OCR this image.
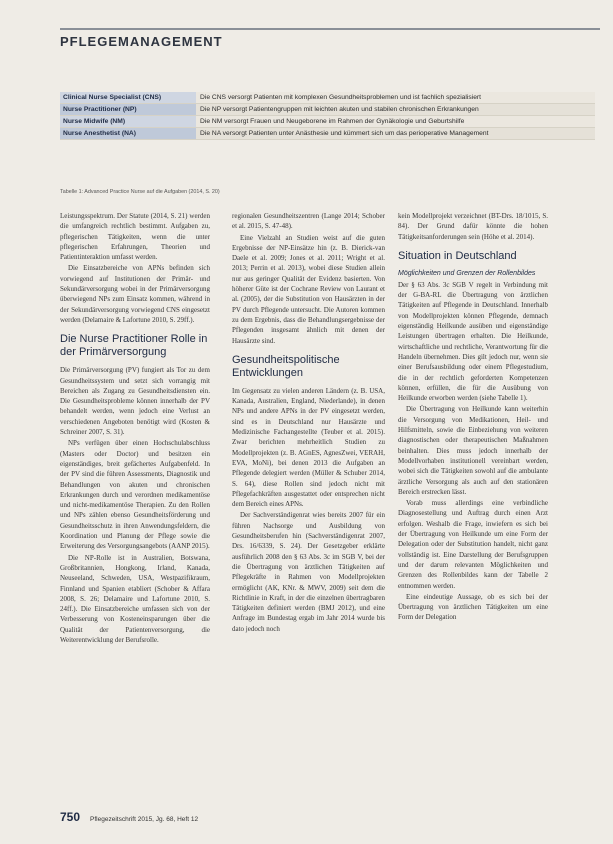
PFLEGEMANAGEMENT
Clinical Nurse Specialist (CNS)	Die CNS versorgt Patienten mit komplexen Gesundheitsproblemen und ist fachlich spezialisiert
Nurse Practitioner (NP)	Die NP versorgt Patientengruppen mit leichten akuten und stabilen chronischen Erkrankungen
Nurse Midwife (NM)	Die NM versorgt Frauen und Neugeborene im Rahmen der Gynäkologie und Geburtshilfe
Nurse Anesthetist (NA)	Die NA versorgt Patienten unter Anästhesie und kümmert sich um das perioperative Management
Tabelle 1: Advanced Practice Nurse auf die Aufgaben (2014, S. 20)

Leistungsspektrum. Der Statute (2014, S. 21) werden die umfangreich rechtlich bestimmt. Aufgaben zu, pflegerischen Tätigkeiten, wenn die unter pflegerischen Erfahrungen, Theorien und Patientinteraktion umfasst werden.

Die Einsatzbereiche von APNs befinden sich vorwiegend auf Institutionen der Primär- und Sekundärversorgung wobei in der Primärversorgung überwiegend NPs zum Einsatz kommen, während in der Sekundärversorgung vorwiegend CNS eingesetzt werden (Delamaire & Lafortune 2010, S. 29ff.).

Die Nurse Practitioner Rolle in der Primärversorgung

Die Primärversorgung (PV) fungiert als Tor zu dem Gesundheitssystem und setzt sich vorrangig mit Bereichen als Zugang zu Gesundheitsdiensten ein. Die Gesundheitsprobleme können innerhalb der PV behandelt werden, wenn jedoch eine Verlust an verschiedenen Angeboten benötigt wird (Kosten & Schreiner 2007, S. 31).

NPs verfügen über einen Hochschulabschluss (Masters oder Doctor) und besitzen ein eigenständiges, breit gefächertes Aufgabenfeld. In der PV sind die führen Assessments, Diagnostik und Behandlungen von akuten und chronischen Erkrankungen durch und verordnen medikamentöse und nicht-medikamentöse Therapien. Zu den Rollen und NPs zählen ebenso Gesundheitsförderung und Gesundheitsschutz in ihren Anwendungsfeldern, die Koordination und Planung der Pflege sowie die Erweiterung des Versorgungsangebots (AANP 2015).

Die NP-Rolle ist in Australien, Botswana, Großbritannien, Hongkong, Irland, Kanada, Neuseeland, Schweden, USA, Westpazifikraum, Finnland und Spanien etabliert (Schober & Affara 2008, S. 26; Delamaire und Lafortune 2010, S. 24ff.). Die Einsatzbereiche umfassen sich von der Verbesserung von Kosteneinsparungen über die Qualität der Patientenversorgung, die Weiterentwicklung der Berufsrolle.

regionalen Gesundheitszentren (Lange 2014; Schober et al. 2015, S. 47-48).

Eine Vielzahl an Studien weist auf die guten Ergebnisse der NP-Einsätze hin (z. B. Dierick-van Daele et al. 2009; Jones et al. 2011; Wright et al. 2013; Perrin et al. 2013), wobei diese Studien allein nur aus geringer Qualität der Evidenz basierten. Von höherer Güte ist der Cochrane Review von Laurant et al. (2005), der die Substitution von Hausärzten in der PV durch Pflegende untersucht. Die Autoren kommen zu dem Ergebnis, dass die Behandlungsergebnisse der Pflegenden insgesamt ähnlich mit denen der Hausärzte sind.

Gesundheitspolitische Entwicklungen

Im Gegensatz zu vielen anderen Ländern (z. B. USA, Kanada, Australien, England, Niederlande), in denen NPs und andere APNs in der PV eingesetzt werden, sind es in Deutschland nur Hausärzte und Medizinische Fachangestellte (Teuber et al. 2015). Zwar berichten mehrheitlich Studien zu Modellprojekten (z. B. AGnES, AgnesZwei, VERAH, EVA, MoNi), bei denen 2013 die Aufgaben an Pflegende delegiert werden (Müller & Schuber 2014, S. 64), diese Rollen sind jedoch nicht mit Pflegefachkräften ausgestattet oder entsprechen nicht dem Bereich eines APNs.

Der Sachverständigenrat wies bereits 2007 für ein führen Nachsorge und Ausbildung von Gesundheitsberufen hin (Sachverständigenrat 2007, Drs. 16/6339, S. 24). Der Gesetzgeber erklärte ausführlich 2008 den § 63 Abs. 3c im SGB V, bei der die Übertragung von ärztlichen Tätigkeiten auf Pflegekräfte in Rahmen von Modellprojekten ermöglicht (AK, KNr. & MWV, 2009) seit dem die Richtlinie in Kraft, in der die einzelnen übertragbaren Tätigkeiten definiert werden (BMJ 2012), und eine Anfrage im Bundestag ergab im Jahr 2014 wurde bis dato jedoch noch

kein Modellprojekt verzeichnet (BT-Drs. 18/1015, S. 84). Der Grund dafür könnte die hohen Tätigkeitsanforderungen sein (Höhe et al. 2014).

Situation in Deutschland
Möglichkeiten und Grenzen der Rollenbildes

Der § 63 Abs. 3c SGB V regelt in Verbindung mit der G-BA-RL die Übertragung von ärztlichen Tätigkeiten auf Pflegende in Deutschland. Innerhalb von Modellprojekten können Pflegende, demnach eigenständig Heilkunde ausüben und eigenständige Leistungen übertragen erhalten. Die Heilkunde, wirtschaftliche und rechtliche, Verantwortung für die Handeln übernehmen. Dies gilt jedoch nur, wenn sie einer Berufsausbildung oder einem Pflegestudium, die in der rechtlich geforderten Kompetenzen können, erfüllen, die für die Ausübung von Heilkunde erworben werden (siehe Tabelle 1).

Die Übertragung von Heilkunde kann weiterhin die Versorgung von Medikationen, Heil- und Hilfsmitteln, sowie die Einbeziehung von weiteren diagnostischen oder therapeutischen Maßnahmen beinhalten. Dies muss jedoch innerhalb der Modellvorhaben institutionell vereinbart werden, wobei sich die Tätigkeiten sowohl auf die ambulante ärztliche Versorgung als auch auf den stationären Bereich erstrecken lässt.

Vorab muss allerdings eine verbindliche Diagnosestellung und Auftrag durch einen Arzt erfolgen. Weshalb die Frage, inwiefern es sich bei der Übertragung von Heilkunde um eine Form der Delegation oder der Substitution handelt, nicht ganz vollständig ist. Eine Darstellung der Berufsgruppen und der darum relevanten Möglichkeiten und Grenzen des Rollenbildes kann der Tabelle 2 entnommen werden.

Eine eindeutige Aussage, ob es sich bei der Übertragung von ärztlichen Tätigkeiten um eine Form der Delegation

750 Pflegezeitschrift 2015, Jg. 68, Heft 12
